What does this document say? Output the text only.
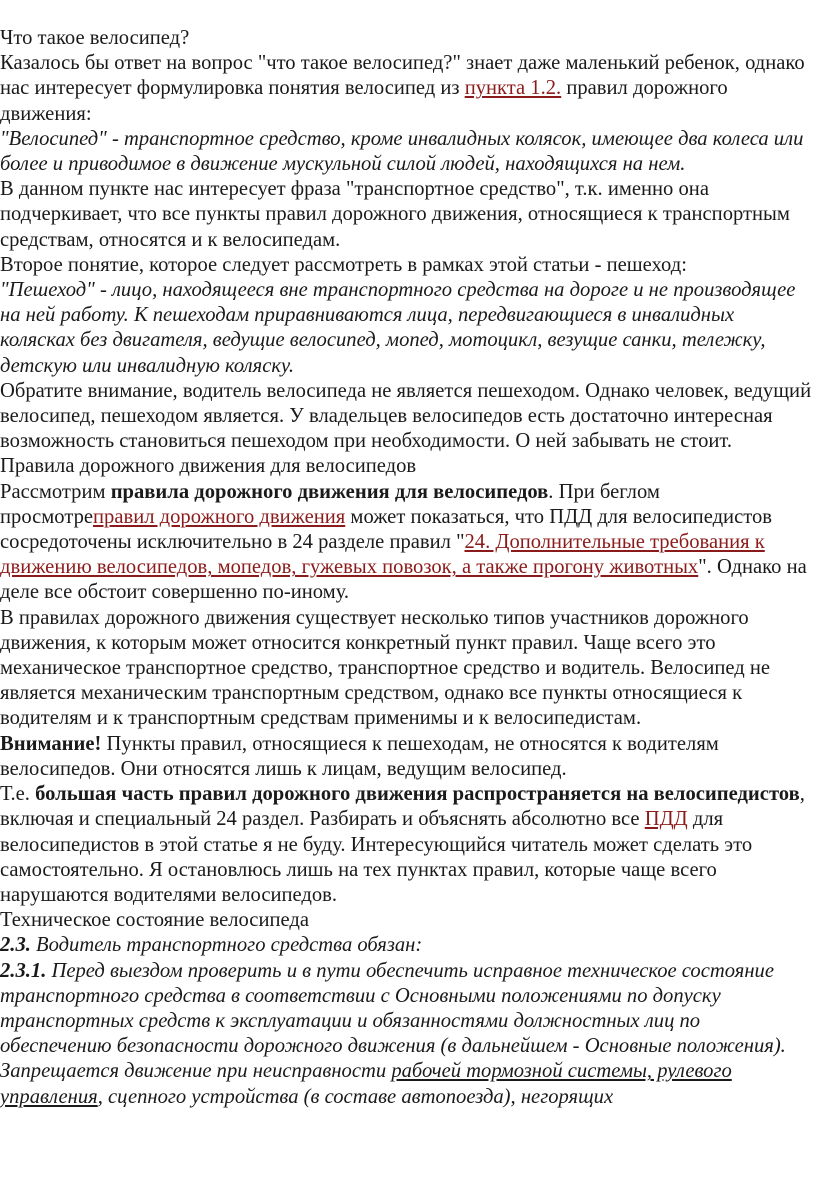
Что такое велосипед?

Казалось бы ответ на вопрос "что такое велосипед?" знает даже маленький ребенок, однако нас интересует формулировка понятия велосипед из пункта 1.2. правил дорожного движения:

"Велосипед" - транспортное средство, кроме инвалидных колясок, имеющее два колеса или более и приводимое в движение мускульной силой людей, находящихся на нем.

В данном пункте нас интересует фраза "транспортное средство", т.к. именно она подчеркивает, что все пункты правил дорожного движения, относящиеся к транспортным средствам, относятся и к велосипедам.

Второе понятие, которое следует рассмотреть в рамках этой статьи - пешеход:

"Пешеход" - лицо, находящееся вне транспортного средства на дороге и не производящее на ней работу. К пешеходам приравниваются лица, передвигающиеся в инвалидных колясках без двигателя, ведущие велосипед, мопед, мотоцикл, везущие санки, тележку, детскую или инвалидную коляску.

Обратите внимание, водитель велосипеда не является пешеходом. Однако человек, ведущий велосипед, пешеходом является. У владельцев велосипедов есть достаточно интересная возможность становиться пешеходом при необходимости. О ней забывать не стоит.

Правила дорожного движения для велосипедов

Рассмотрим правила дорожного движения для велосипедов. При беглом просмотреправил дорожного движения может показаться, что ПДД для велосипедистов сосредоточены исключительно в 24 разделе правил "24. Дополнительные требования к движению велосипедов, мопедов, гужевых повозок, а также прогону животных". Однако на деле все обстоит совершенно по-иному.

В правилах дорожного движения существует несколько типов участников дорожного движения, к которым может относится конкретный пункт правил. Чаще всего это механическое транспортное средство, транспортное средство и водитель. Велосипед не является механическим транспортным средством, однако все пункты относящиеся к водителям и к транспортным средствам применимы и к велосипедистам.

Внимание! Пункты правил, относящиеся к пешеходам, не относятся к водителям велосипедов. Они относятся лишь к лицам, ведущим велосипед.

Т.е. большая часть правил дорожного движения распространяется на велосипедистов, включая и специальный 24 раздел. Разбирать и объяснять абсолютно все ПДД для велосипедистов в этой статье я не буду. Интересующийся читатель может сделать это самостоятельно. Я остановлюсь лишь на тех пунктах правил, которые чаще всего нарушаются водителями велосипедов.

Техническое состояние велосипеда

2.3. Водитель транспортного средства обязан:

2.3.1. Перед выездом проверить и в пути обеспечить исправное техническое состояние транспортного средства в соответствии с Основными положениями по допуску транспортных средств к эксплуатации и обязанностями должностных лиц по обеспечению безопасности дорожного движения (в дальнейшем - Основные положения).

Запрещается движение при неисправности рабочей тормозной системы, рулевого управления, сцепного устройства (в составе автопоезда), негорящих
